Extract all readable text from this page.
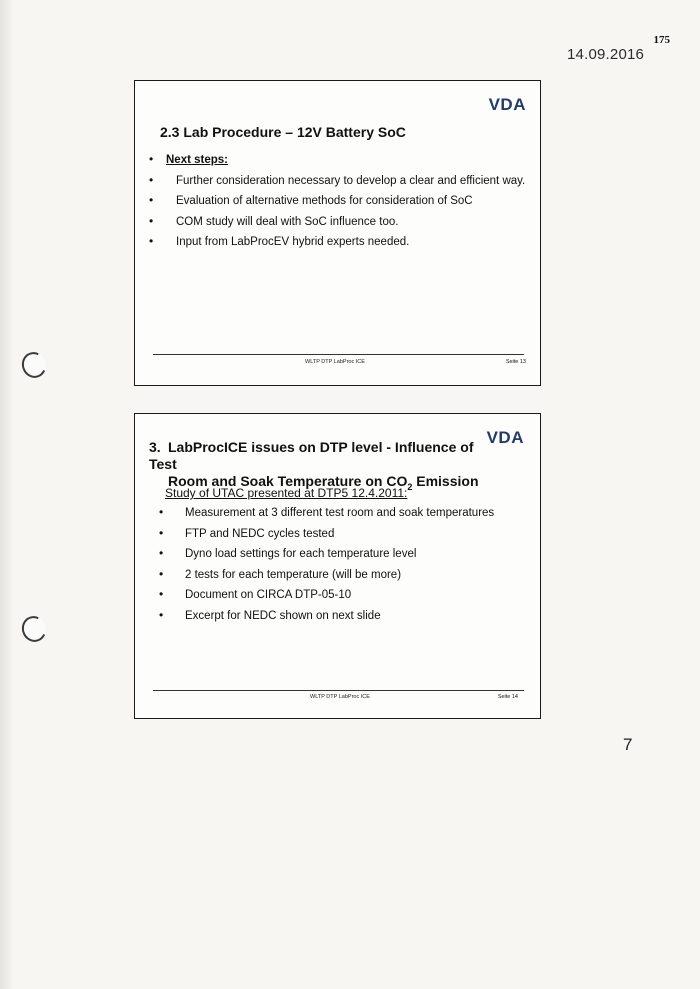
175
14.09.2016
VDA
2.3 Lab Procedure – 12V Battery SoC
• Next steps:
• Further consideration necessary to develop a clear and efficient way.
• Evaluation of alternative methods for consideration of SoC
• COM study will deal with SoC influence too.
• Input from LabProcEV hybrid experts needed.
WLTP DTP LabProc ICE	Seite 13
VDA
3. LabProcICE issues on DTP level - Influence of Test
Room and Soak Temperature on $CO_2$ Emission
Study of UTAC presented at DTP5 12.4.2011:
• Measurement at 3 different test room and soak temperatures
• FTP and NEDC cycles tested
• Dyno load settings for each temperature level
• 2 tests for each temperature (will be more)
• Document on CIRCA DTP-05-10
• Excerpt for NEDC shown on next slide
WLTP DTP LabProc ICE	Seite 14
7
